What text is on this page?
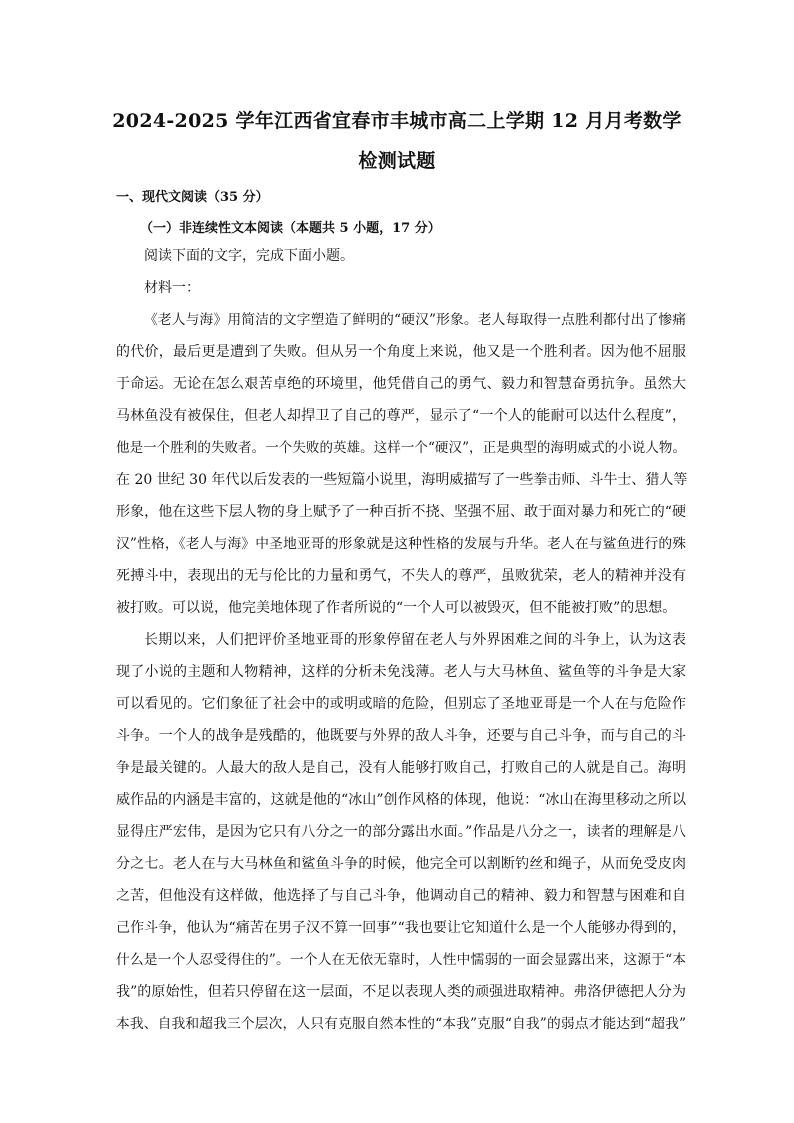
2024-2025 学年江西省宜春市丰城市高二上学期 12 月月考数学
检测试题
一、现代文阅读（35 分）
（一）非连续性文本阅读（本题共 5 小题，17 分）
阅读下面的文字，完成下面小题。
材料一：
《老人与海》用简洁的文字塑造了鲜明的“硬汉”形象。老人每取得一点胜利都付出了惨痛
的代价，最后更是遭到了失败。但从另一个角度上来说，他又是一个胜利者。因为他不屈服
于命运。无论在怎么艰苦卓绝的环境里，他凭借自己的勇气、毅力和智慧奋勇抗争。虽然大
马林鱼没有被保住，但老人却捍卫了自己的尊严，显示了“一个人的能耐可以达什么程度”，
他是一个胜利的失败者。一个失败的英雄。这样一个“硬汉”，正是典型的海明威式的小说人物。
在 20 世纪 30 年代以后发表的一些短篇小说里，海明威描写了一些拳击师、斗牛士、猎人等
形象，他在这些下层人物的身上赋予了一种百折不挠、坚强不屈、敢于面对暴力和死亡的“硬
汉”性格，《老人与海》中圣地亚哥的形象就是这种性格的发展与升华。老人在与鲨鱼进行的殊
死搏斗中，表现出的无与伦比的力量和勇气，不失人的尊严，虽败犹荣，老人的精神并没有
被打败。可以说，他完美地体现了作者所说的“一个人可以被毁灭，但不能被打败”的思想。
长期以来，人们把评价圣地亚哥的形象停留在老人与外界困难之间的斗争上，认为这表
现了小说的主题和人物精神，这样的分析未免浅薄。老人与大马林鱼、鲨鱼等的斗争是大家
可以看见的。它们象征了社会中的或明或暗的危险，但别忘了圣地亚哥是一个人在与危险作
斗争。一个人的战争是残酷的，他既要与外界的敌人斗争，还要与自己斗争，而与自己的斗
争是最关键的。人最大的敌人是自己，没有人能够打败自己，打败自己的人就是自己。海明
威作品的内涵是丰富的，这就是他的“冰山”创作风格的体现，他说：“冰山在海里移动之所以
显得庄严宏伟，是因为它只有八分之一的部分露出水面。”作品是八分之一，读者的理解是八
分之七。老人在与大马林鱼和鲨鱼斗争的时候，他完全可以割断钓丝和绳子，从而免受皮肉
之苦，但他没有这样做，他选择了与自己斗争，他调动自己的精神、毅力和智慧与困难和自
己作斗争，他认为“痛苦在男子汉不算一回事”“我也要让它知道什么是一个人能够办得到的，
什么是一个人忍受得住的”。一个人在无依无靠时，人性中懦弱的一面会显露出来，这源于“本
我”的原始性，但若只停留在这一层面，不足以表现人类的顽强进取精神。弗洛伊德把人分为
本我、自我和超我三个层次，人只有克服自然本性的“本我”克服“自我”的弱点才能达到“超我”
